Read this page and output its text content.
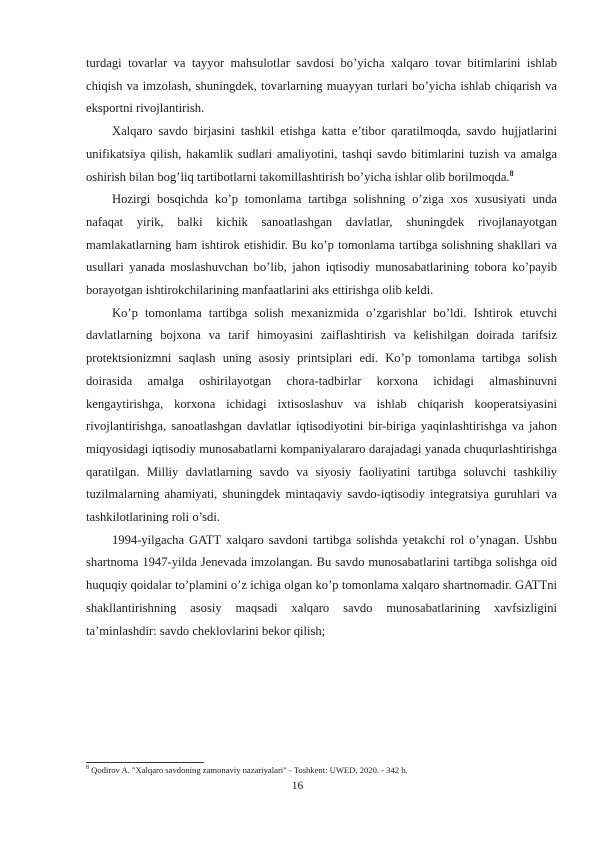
turdagi tovarlar va tayyor mahsulotlar savdosi bo’yicha xalqaro tovar bitimlarini ishlab chiqish va imzolash, shuningdek, tovarlarning muayyan turlari bo’yicha ishlab chiqarish va eksportni rivojlantirish.

Xalqaro savdo birjasini tashkil etishga katta e’tibor qaratilmoqda, savdo hujjatlarini unifikatsiya qilish, hakamlik sudlari amaliyotini, tashqi savdo bitimlarini tuzish va amalga oshirish bilan bog’liq tartibotlarni takomillashtirish bo’yicha ishlar olib borilmoqda.$^8$

Hozirgi bosqichda ko’p tomonlama tartibga solishning o’ziga xos xususiyati unda nafaqat yirik, balki kichik sanoatlashgan davlatlar, shuningdek rivojlanayotgan mamlakatlarning ham ishtirok etishidir. Bu ko’p tomonlama tartibga solishning shakllari va usullari yanada moslashuvchan bo’lib, jahon iqtisodiy munosabatlarining tobora ko’payib borayotgan ishtirokchilarining manfaatlarini aks ettirishga olib keldi.

Ko’p tomonlama tartibga solish mexanizmida o’zgarishlar bo’ldi. Ishtirok etuvchi davlatlarning bojxona va tarif himoyasini zaiflashtirish va kelishilgan doirada tarifsiz protektsionizmni saqlash uning asosiy printsiplari edi. Ko’p tomonlama tartibga solish doirasida amalga oshirilayotgan chora-tadbirlar korxona ichidagi almashinuvni kengaytirishga, korxona ichidagi ixtisoslashuv va ishlab chiqarish kooperatsiyasini rivojlantirishga, sanoatlashgan davlatlar iqtisodiyotini bir-biriga yaqinlashtirishga va jahon miqyosidagi iqtisodiy munosabatlarni kompaniyalararo darajadagi yanada chuqurlashtirishga qaratilgan. Milliy davlatlarning savdo va siyosiy faoliyatini tartibga soluvchi tashkiliy tuzilmalarning ahamiyati, shuningdek mintaqaviy savdo-iqtisodiy integratsiya guruhlari va tashkilotlarining roli o’sdi.

1994-yilgacha GATT xalqaro savdoni tartibga solishda yetakchi rol o’ynagan. Ushbu shartnoma 1947-yilda Jenevada imzolangan. Bu savdo munosabatlarini tartibga solishga oid huquqiy qoidalar to’plamini o’z ichiga olgan ko’p tomonlama xalqaro shartnomadir. GATTni shakllantirishning asosiy maqsadi xalqaro savdo munosabatlarining xavfsizligini ta’minlashdir: savdo cheklovlarini bekor qilish;

$^8$ Qodirov A. "Xalqaro savdoning zamonaviy nazariyalari" - Toshkent: UWED, 2020. - 342 b.
16
